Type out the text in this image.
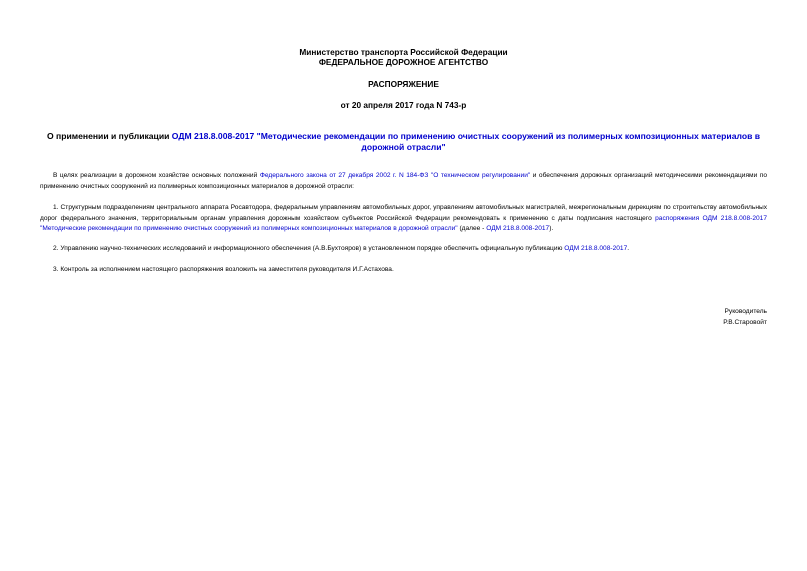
Министерство транспорта Российской Федерации
ФЕДЕРАЛЬНОЕ ДОРОЖНОЕ АГЕНТСТВО
РАСПОРЯЖЕНИЕ
от 20 апреля 2017 года N 743-р
О применении и публикации ОДМ 218.8.008-2017 "Методические рекомендации по применению очистных сооружений из полимерных композиционных материалов в дорожной отрасли"
В целях реализации в дорожном хозяйстве основных положений Федерального закона от 27 декабря 2002 г. N 184-ФЗ "О техническом регулировании" и обеспечения дорожных организаций методическими рекомендациями по применению очистных сооружений из полимерных композиционных материалов в дорожной отрасли:
1. Структурным подразделениям центрального аппарата Росавтодора, федеральным управлениям автомобильных дорог, управлениям автомобильных магистралей, межрегиональным дирекциям по строительству автомобильных дорог федерального значения, территориальным органам управления дорожным хозяйством субъектов Российской Федерации рекомендовать к применению с даты подписания настоящего распоряжения ОДМ 218.8.008-2017 "Методические рекомендации по применению очистных сооружений из полимерных композиционных материалов в дорожной отрасли" (далее - ОДМ 218.8.008-2017).
2. Управлению научно-технических исследований и информационного обеспечения (А.В.Бухтояров) в установленном порядке обеспечить официальную публикацию ОДМ 218.8.008-2017.
3. Контроль за исполнением настоящего распоряжения возложить на заместителя руководителя И.Г.Астахова.
Руководитель
Р.В.Старовойт
